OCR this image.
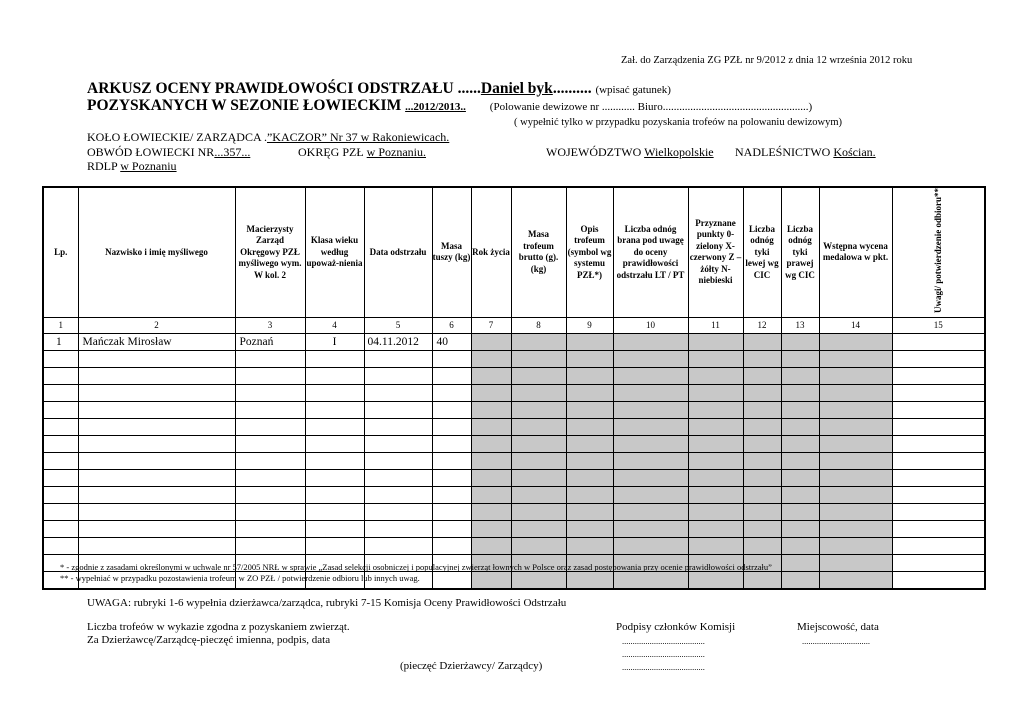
Zał. do Zarządzenia ZG PZŁ nr 9/2012 z dnia 12 września 2012 roku
ARKUSZ OCENY PRAWIDŁOWOŚCI ODSTRZAŁU ......Daniel byk.......... (wpisać gatunek)
POZYSKANYCH W SEZONIE ŁOWIECKIM ...2012/2013.. (Polowanie dewizowe nr ............ Biuro.....................................................)
( wypełnić tylko w przypadku pozyskania trofeów na polowaniu dewizowym)
KOŁO ŁOWIECKIE/ ZARZĄDCA .”KACZOR” Nr 37 w Rakoniewicach.
OBWÓD ŁOWIECKI NR...357...	OKRĘG PZŁ w Poznaniu.	WOJEWÓDZTWO Wielkopolskie NADLEŚNICTWO Kościan.
RDLP w Poznaniu
Lp.	Nazwisko i imię myśliwego	Macierzysty Zarząd Okręgowy PZŁ myśliwego wym. W kol. 2	Klasa wieku według upoważ-nienia	Data odstrzału	Masa tuszy (kg)	Rok życia	Masa trofeum brutto (g). (kg)	Opis trofeum (symbol wg systemu PZŁ*)	Liczba odnóg brana pod uwagę do oceny prawidłowości odstrzału LT / PT	Przyznane punkty 0-zielony X-czerwony Z – żółty N-niebieski	Liczba odnóg tyki lewej wg CIC	Liczba odnóg tyki prawej wg CIC	Wstępna wycena medalowa w pkt.	Uwagi/ potwierdzenie odbioru**
1	2	3	4	5	6	7	8	9	10	11	12	13	14	15
1	Mańczak Mirosław	Poznań	I	04.11.2012	40									

* - zgodnie z zasadami określonymi w uchwale nr 57/2005 NRŁ w sprawie „Zasad selekcji osobniczej i populacyjnej zwierząt łownych w Polsce oraz zasad postępowania przy ocenie prawidłowości odstrzału”
** - wypełniać w przypadku pozostawienia trofeum w ZO PZŁ / potwierdzenie odbioru lub innych uwag.
UWAGA: rubryki 1-6 wypełnia dzierżawca/zarządca, rubryki 7-15 Komisja Oceny Prawidłowości Odstrzału
Liczba trofeów w wykazie zgodna z pozyskaniem zwierząt.
Za Dzierżawcę/Zarządcę-pieczęć imienna, podpis, data
(pieczęć Dzierżawcy/ Zarządcy)
Podpisy członków Komisji	Miejscowość, data
.......................................
.......................................
.......................................
................................
